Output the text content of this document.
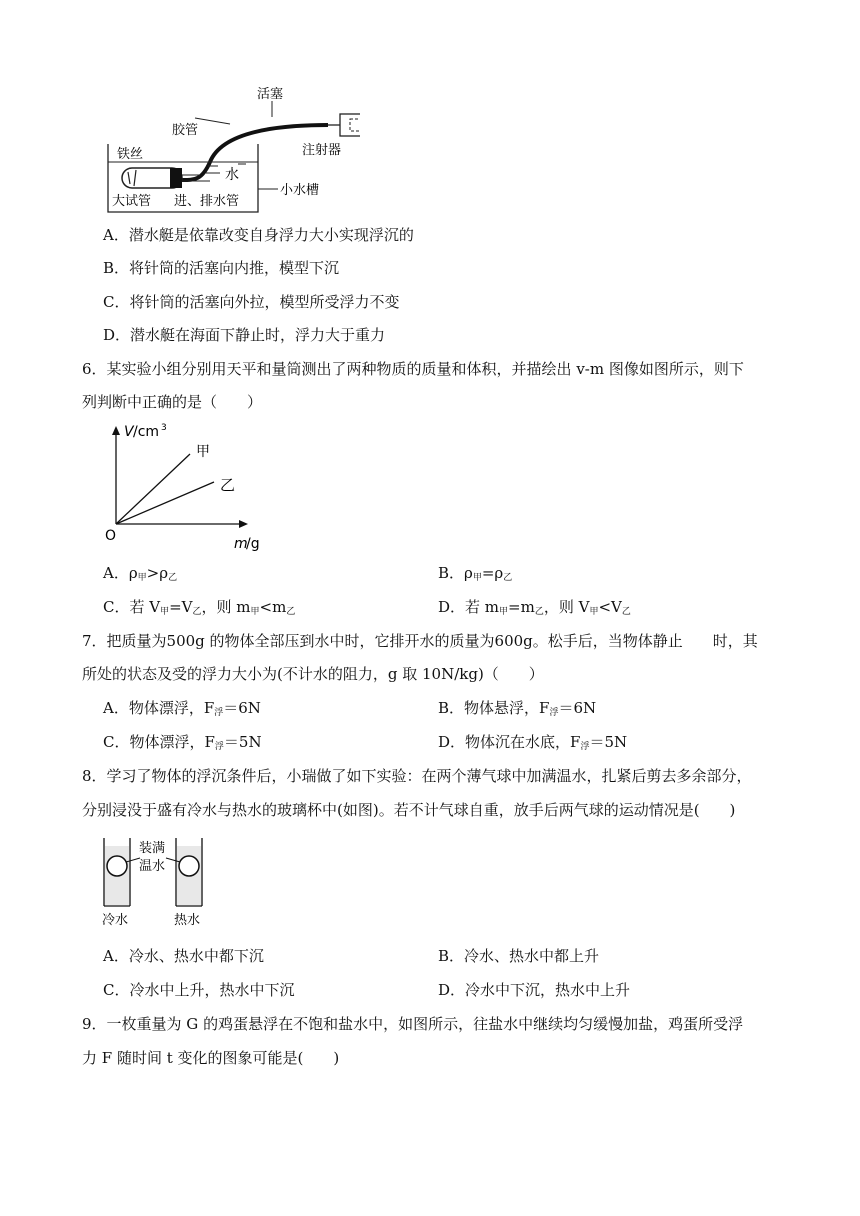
活塞
胶管
注射器
铁丝
水
大试管 进、排水管
小水槽
A．潜水艇是依靠改变自身浮力大小实现浮沉的
B．将针筒的活塞向内推，模型下沉
C．将针筒的活塞向外拉，模型所受浮力不变
D．潜水艇在海面下静止时，浮力大于重力
6．某实验小组分别用天平和量筒测出了两种物质的质量和体积，并描绘出 v-m 图像如图所示，则下
列判断中正确的是（　　）
V /cm 3
甲
乙
O	m
/g
A．$\rho_甲>\rho_乙$	B．$\rho_甲=\rho_乙$
C．若 $V_甲=V_乙$，则 $m_甲<m_乙$	D．若 $m_甲=m_乙$，则 $V_甲<V_乙$
7．把质量为500g 的物体全部压到水中时，它排开水的质量为600g。松手后，当物体静止　　时，其
所处的状态及受的浮力大小为(不计水的阻力，g 取 10N/kg)（　　）
A．物体漂浮，$F_浮=6N$	B．物体悬浮，$F_浮=6N$
C．物体漂浮，$F_浮=5N$	D．物体沉在水底，$F_浮=5N$
8．学习了物体的浮沉条件后，小瑞做了如下实验：在两个薄气球中加满温水，扎紧后剪去多余部分，
分别浸没于盛有冷水与热水的玻璃杯中(如图)。若不计气球自重，放手后两气球的运动情况是(　　)
装满
温水
冷水	热水
A．冷水、热水中都下沉	B．冷水、热水中都上升
C．冷水中上升，热水中下沉	D．冷水中下沉，热水中上升
9．一枚重量为 G 的鸡蛋悬浮在不饱和盐水中，如图所示，往盐水中继续均匀缓慢加盐，鸡蛋所受浮
力 F 随时间 t 变化的图象可能是(　　)
